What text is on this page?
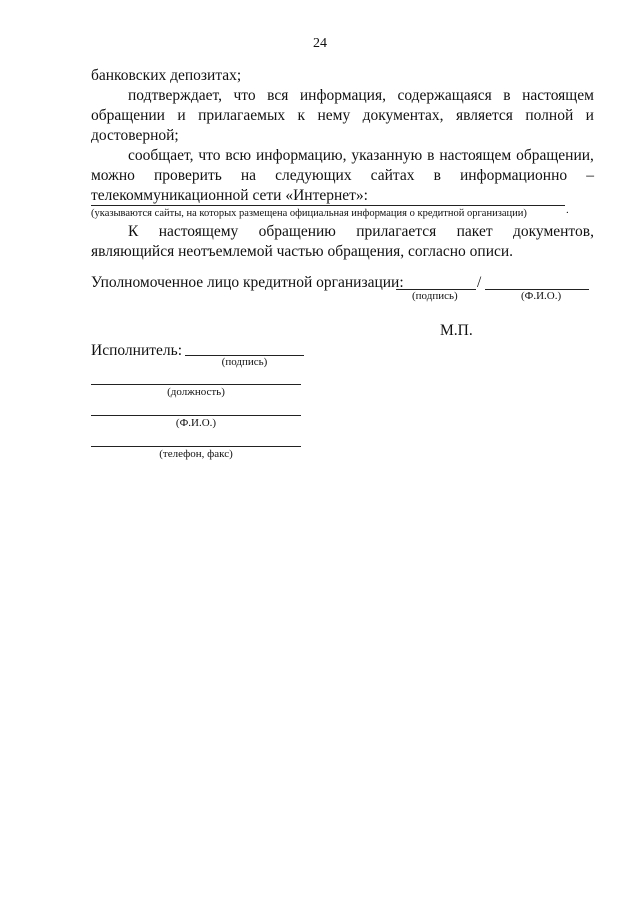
24
банковских депозитах;
подтверждает, что вся информация, содержащаяся в настоящем
обращении и прилагаемых к нему документах, является полной и
достоверной;
сообщает, что всю информацию, указанную в настоящем обращении,
можно проверить на следующих сайтах в информационно –
телекоммуникационной сети «Интернет»:
.
(указываются сайты, на которых размещена официальная информация о кредитной организации)
К настоящему обращению прилагается пакет документов,
являющийся неотъемлемой частью обращения, согласно описи.
Уполномоченное лицо кредитной организации:	/
(подпись)	(Ф.И.О.)
М.П.
Исполнитель:
(подпись)
(должность)
(Ф.И.О.)
(телефон, факс)
